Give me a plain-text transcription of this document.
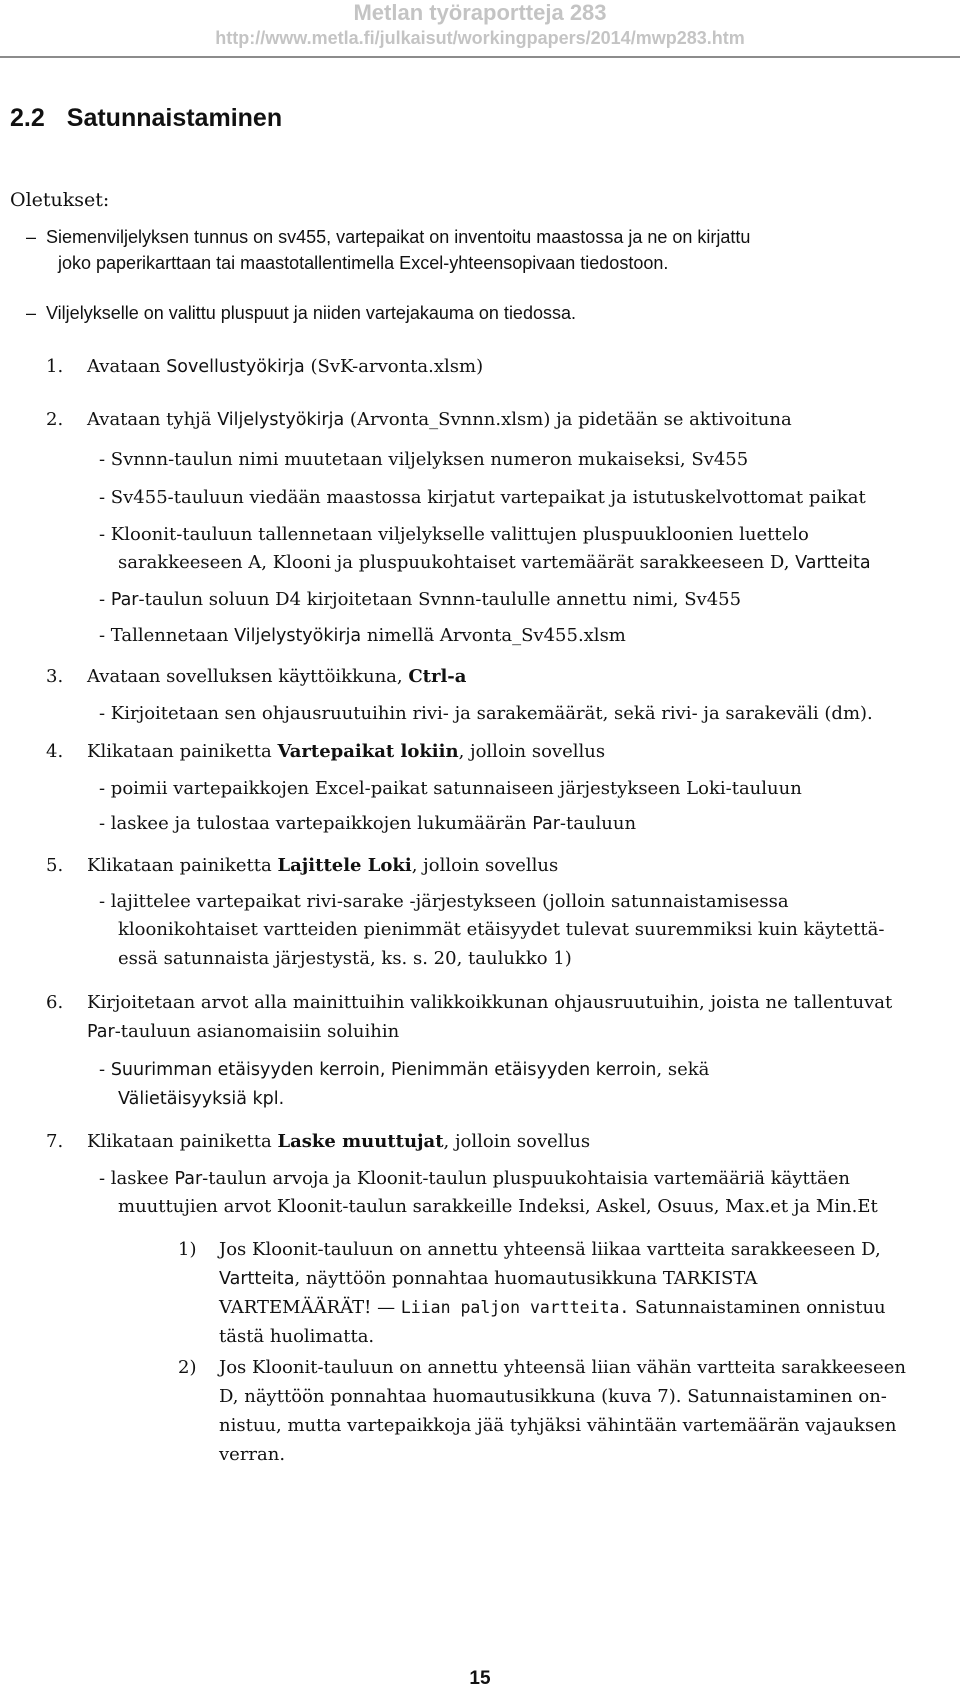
Metlan työraportteja 283
http://www.metla.fi/julkaisut/workingpapers/2014/mwp283.htm
2.2 Satunnaistaminen
Oletukset:
– Siemenviljelyksen tunnus on sv455, vartepaikat on inventoitu maastossa ja ne on kirjattu
joko paperikarttaan tai maastotallentimella Excel-yhteensopivaan tiedostoon.
– Viljelykselle on valittu pluspuut ja niiden vartejakauma on tiedossa.
1. Avataan Sovellustyökirja (SvK-arvonta.xlsm)
2. Avataan tyhjä Viljelystyökirja (Arvonta_Svnnn.xlsm) ja pidetään se aktivoituna
- Svnnn-taulun nimi muutetaan viljelyksen numeron mukaiseksi, Sv455
- Sv455-tauluun viedään maastossa kirjatut vartepaikat ja istutuskelvottomat paikat
- Kloonit-tauluun tallennetaan viljelykselle valittujen pluspuukloonien luettelo
sarakkeeseen A, Klooni ja pluspuukohtaiset vartemäärät sarakkeeseen D, Vartteita
- Par-taulun soluun D4 kirjoitetaan Svnnn-taululle annettu nimi, Sv455
- Tallennetaan Viljelystyökirja nimellä Arvonta_Sv455.xlsm
3. Avataan sovelluksen käyttöikkuna, Ctrl-a
- Kirjoitetaan sen ohjausruutuihin rivi- ja sarakemäärät, sekä rivi- ja sarakeväli (dm).
4. Klikataan painiketta Vartepaikat lokiin, jolloin sovellus
- poimii vartepaikkojen Excel-paikat satunnaiseen järjestykseen Loki-tauluun
- laskee ja tulostaa vartepaikkojen lukumäärän Par-tauluun
5. Klikataan painiketta Lajittele Loki, jolloin sovellus
- lajittelee vartepaikat rivi-sarake -järjestykseen (jolloin satunnaistamisessa
kloonikohtaiset vartteiden pienimmät etäisyydet tulevat suuremmiksi kuin käytettä-
essä satunnaista järjestystä, ks. s. 20, taulukko 1)
6. Kirjoitetaan arvot alla mainittuihin valikkoikkunan ohjausruutuihin, joista ne tallentuvat
Par-tauluun asianomaisiin soluihin
- Suurimman etäisyyden kerroin, Pienimmän etäisyyden kerroin, sekä
Välietäisyyksiä kpl.
7. Klikataan painiketta Laske muuttujat, jolloin sovellus
- laskee Par-taulun arvoja ja Kloonit-taulun pluspuukohtaisia vartemääriä käyttäen
muuttujien arvot Kloonit-taulun sarakkeille Indeksi, Askel, Osuus, Max.et ja Min.Et
1) Jos Kloonit-tauluun on annettu yhteensä liikaa vartteita sarakkeeseen D,
Vartteita, näyttöön ponnahtaa huomautusikkuna TARKISTA
VARTEMÄÄRÄT! — Liian paljon vartteita. Satunnaistaminen onnistuu
tästä huolimatta.
2) Jos Kloonit-tauluun on annettu yhteensä liian vähän vartteita sarakkeeseen
D, näyttöön ponnahtaa huomautusikkuna (kuva 7). Satunnaistaminen on-
nistuu, mutta vartepaikkoja jää tyhjäksi vähintään vartemäärän vajauksen
verran.
15
